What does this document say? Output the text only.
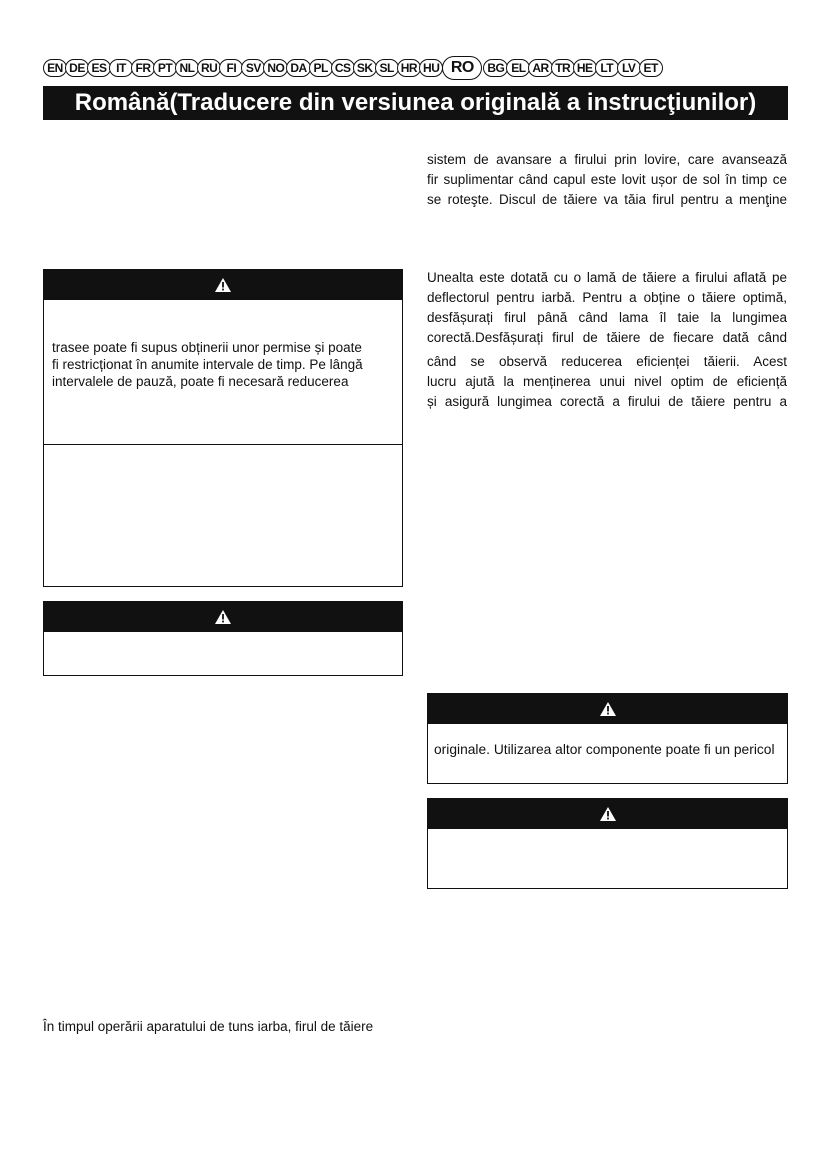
EN DE ES IT FR PT NL RU FI SV NO DA PL CS SK SL HR HU RO	BG EL AR TR HE LT LV ET
Română(Traducere din versiunea originală a instrucţiunilor)
trasee poate fi supus obținerii unor permise și poate
fi restricționat în anumite intervale de timp. Pe lângă
intervalele de pauză, poate fi necesară reducerea
În timpul operării aparatului de tuns iarba, firul de tăiere
sistem de avansare a firului prin lovire, care avansează
fir suplimentar când capul este lovit ușor de sol în timp ce
se roteşte. Discul de tăiere va tăia firul pentru a menţine
Unealta este dotată cu o lamă de tăiere a firului aflată pe
deflectorul pentru iarbă. Pentru a obține o tăiere optimă,
desfășurați firul până când lama îl taie la lungimea
corectă.Desfășurați firul de tăiere de fiecare dată când
când se observă reducerea eficienței tăierii. Acest
lucru ajută la menținerea unui nivel optim de eficiență
și asigură lungimea corectă a firului de tăiere pentru a
originale. Utilizarea altor componente poate fi un pericol
